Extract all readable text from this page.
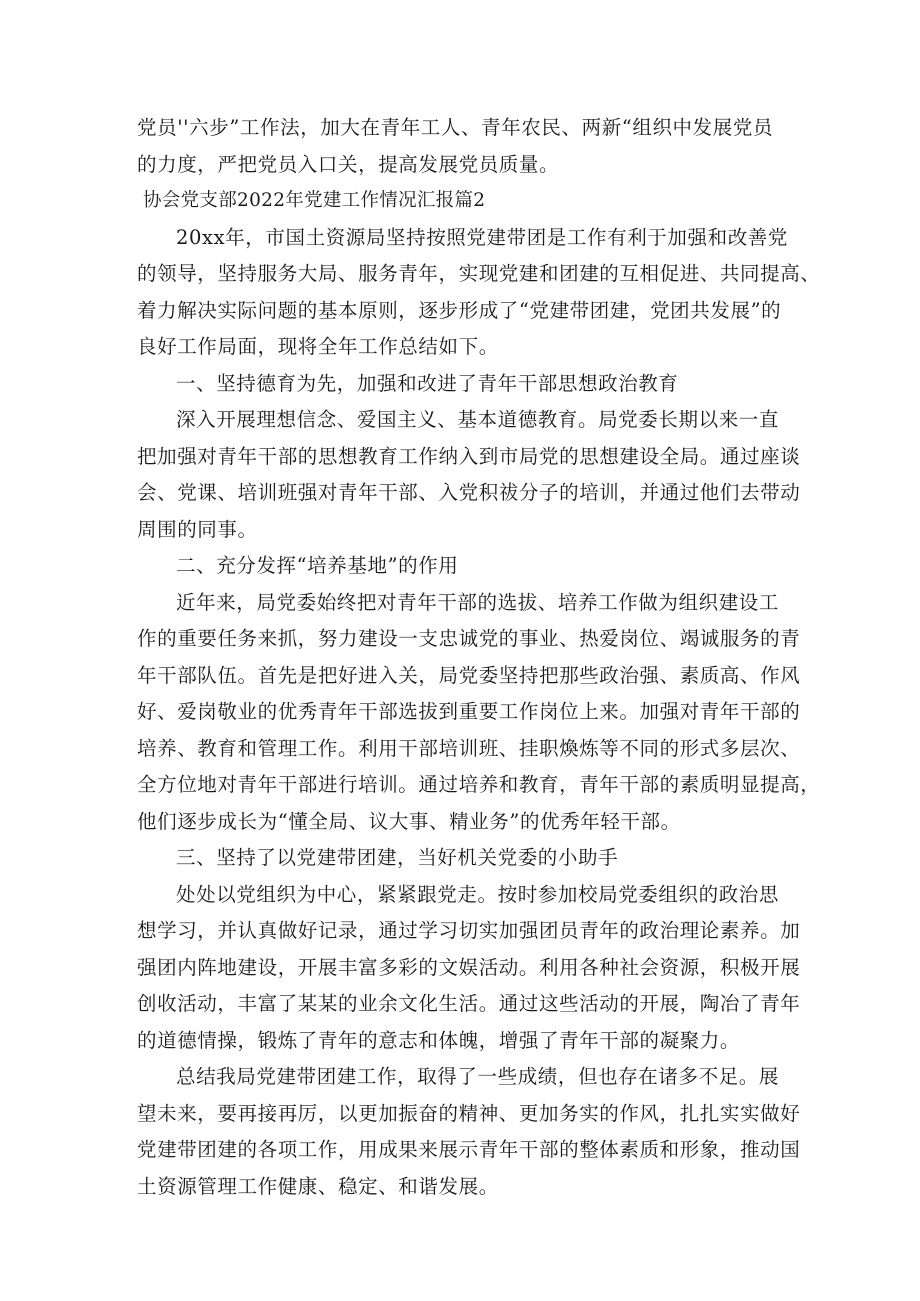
党员''六步”工作法，加大在青年工人、青年农民、两新“组织中发展党员

的力度，严把党员入口关，提高发展党员质量。

协会党支部2022年党建工作情况汇报篇2

20xx年，市国土资源局坚持按照党建带团是工作有利于加强和改善党

的领导，坚持服务大局、服务青年，实现党建和团建的互相促进、共同提高、

着力解决实际问题的基本原则，逐步形成了“党建带团建，党团共发展”的

良好工作局面，现将全年工作总结如下。

一、坚持德育为先，加强和改进了青年干部思想政治教育

深入开展理想信念、爱国主义、基本道德教育。局党委长期以来一直

把加强对青年干部的思想教育工作纳入到市局党的思想建设全局。通过座谈

会、党课、培训班强对青年干部、入党积祓分子的培训，并通过他们去带动

周围的同事。

二、充分发挥“培养基地”的作用

近年来，局党委始终把对青年干部的选拔、培养工作做为组织建设工

作的重要任务来抓，努力建设一支忠诚党的事业、热爱岗位、竭诚服务的青

年干部队伍。首先是把好进入关，局党委坚持把那些政治强、素质高、作风

好、爱岗敬业的优秀青年干部选拔到重要工作岗位上来。加强对青年干部的

培养、教育和管理工作。利用干部培训班、挂职煥炼等不同的形式多层次、

全方位地对青年干部进行培训。通过培养和教育，青年干部的素质明显提高，

他们逐步成长为“懂全局、议大事、精业务”的优秀年轻干部。

三、坚持了以党建带团建，当好机关党委的小助手

处处以党组织为中心，紧紧跟党走。按时参加校局党委组织的政治思

想学习，并认真做好记录，通过学习切实加强团员青年的政治理论素养。加

强团内阵地建设，开展丰富多彩的文娱活动。利用各种社会资源，积极开展

创收活动，丰富了某某的业余文化生活。通过这些活动的开展，陶冶了青年

的道德情操，锻炼了青年的意志和体魄，增强了青年干部的凝聚力。

总结我局党建带团建工作，取得了一些成绩，但也存在诸多不足。展

望未来，要再接再厉，以更加振奋的精神、更加务实的作风，扎扎实实做好

党建带团建的各项工作，用成果来展示青年干部的整体素质和形象，推动国

土资源管理工作健康、稳定、和谐发展。
